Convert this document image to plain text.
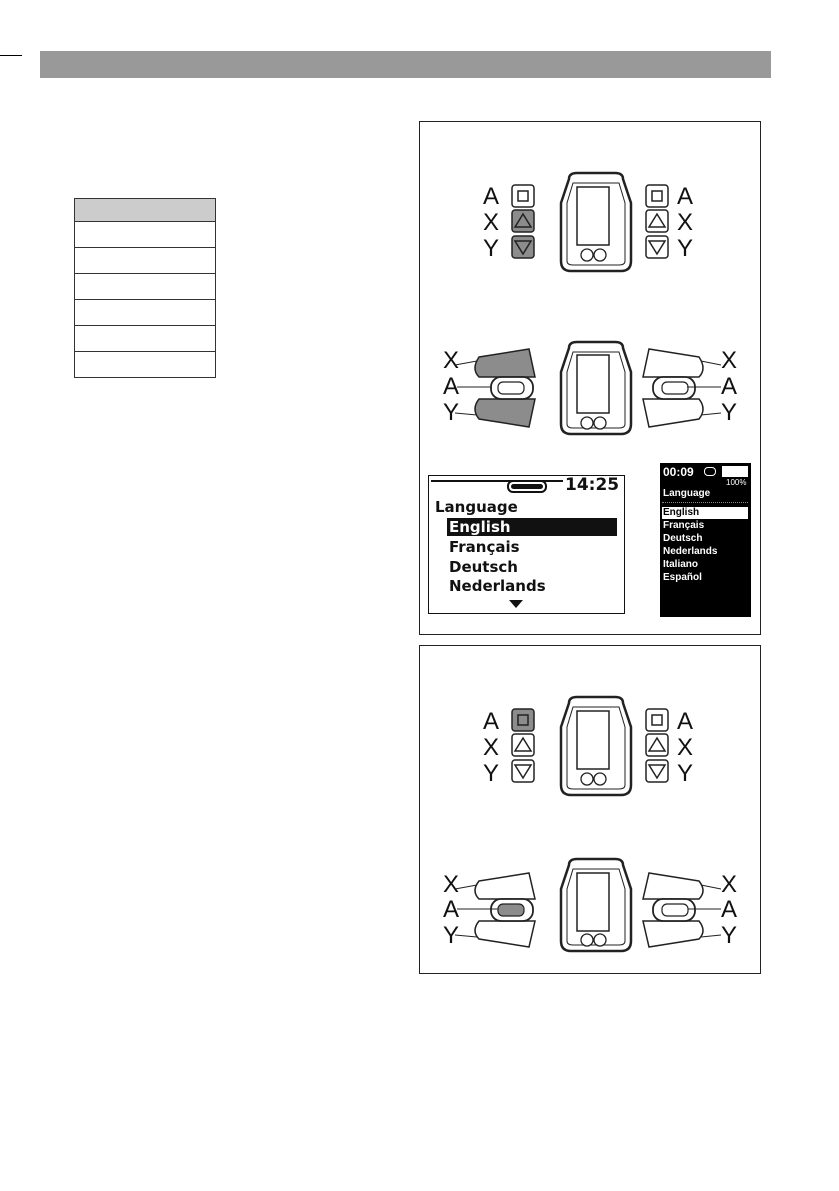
A
X
Y
A
X
Y
X
A
Y
X
A
Y
14:25
Language
English
Français
Deutsch
Nederlands
00:09
100%
Language
English
Français
Deutsch
Nederlands
Italiano
Español
A
X
Y
A
X
Y
X
A
Y
X
A
Y
